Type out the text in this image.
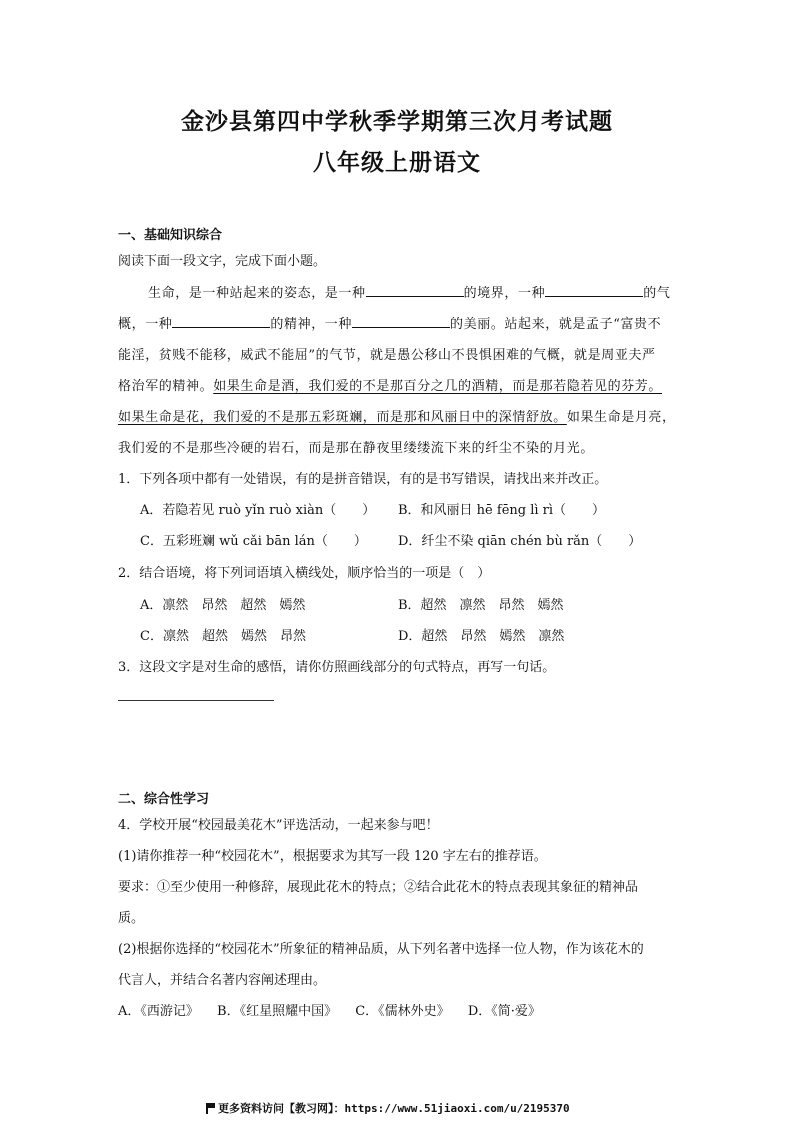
金沙县第四中学秋季学期第三次月考试题
八年级上册语文
一、基础知识综合
阅读下面一段文字，完成下面小题。
生命，是一种站起来的姿态，是一种	的境界，一种	的气
概，一种	的精神，一种	的美丽。站起来，就是孟子“富贵不
能淫，贫贱不能移，威武不能屈”的气节，就是愚公移山不畏惧困难的气概，就是周亚夫严
格治军的精神。如果生命是酒，我们爱的不是那百分之几的酒精，而是那若隐若见的芬芳。
如果生命是花，我们爱的不是那五彩斑斓，而是那和风丽日中的深情舒放。如果生命是月亮，
我们爱的不是那些冷硬的岩石，而是那在静夜里缕缕流下来的纤尘不染的月光。
1．下列各项中都有一处错误，有的是拼音错误，有的是书写错误，请找出来并改正。
A．若隐若见 ruò yǐn ruò xiàn（　　） B．和风丽日 hē fēng lì rì（　　）
C．五彩班斓 wǔ cǎi bān lán（　　） D．纤尘不染 qiān chén bù rǎn（　　）
2．结合语境，将下列词语填入横线处，顺序恰当的一项是（　）
A．凛然　昂然　超然　嫣然	B．超然　凛然　昂然　嫣然
C．凛然　超然　嫣然　昂然	D．超然　昂然　嫣然　凛然
3．这段文字是对生命的感悟，请你仿照画线部分的句式特点，再写一句话。
二、综合性学习
4．学校开展“校园最美花木”评选活动，一起来参与吧！
(1)请你推荐一种“校园花木”，根据要求为其写一段 120 字左右的推荐语。
要求：①至少使用一种修辞，展现此花木的特点；②结合此花木的特点表现其象征的精神品
质。
(2)根据你选择的“校园花木”所象征的精神品质，从下列名著中选择一位人物，作为该花木的
代言人，并结合名著内容阐述理由。
A．《西游记》 B．《红星照耀中国》 C．《儒林外史》 D．《简·爱》
更多资料访问【教习网】：https://www.51jiaoxi.com/u/2195370
